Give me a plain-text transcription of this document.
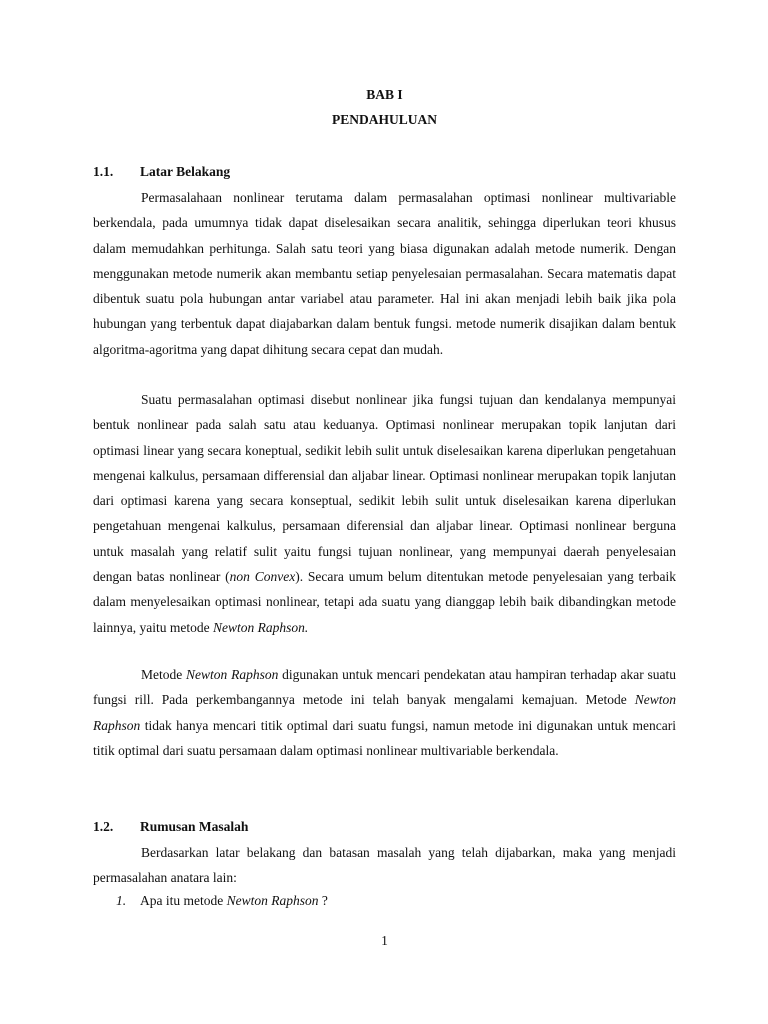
BAB I
PENDAHULUAN
1.1. Latar Belakang

Permasalahaan nonlinear terutama dalam permasalahan optimasi nonlinear multivariable berkendala, pada umumnya tidak dapat diselesaikan secara analitik, sehingga diperlukan teori khusus dalam memudahkan perhitunga. Salah satu teori yang biasa digunakan adalah metode numerik. Dengan menggunakan metode numerik akan membantu setiap penyelesaian permasalahan. Secara matematis dapat dibentuk suatu pola hubungan antar variabel atau parameter. Hal ini akan menjadi lebih baik jika pola hubungan yang terbentuk dapat diajabarkan dalam bentuk fungsi. metode numerik disajikan dalam bentuk algoritma-agoritma yang dapat dihitung secara cepat dan mudah.

Suatu permasalahan optimasi disebut nonlinear jika fungsi tujuan dan kendalanya mempunyai bentuk nonlinear pada salah satu atau keduanya. Optimasi nonlinear merupakan topik lanjutan dari optimasi linear yang secara koneptual, sedikit lebih sulit untuk diselesaikan karena diperlukan pengetahuan mengenai kalkulus, persamaan differensial dan aljabar linear. Optimasi nonlinear merupakan topik lanjutan dari optimasi karena yang secara konseptual, sedikit lebih sulit untuk diselesaikan karena diperlukan pengetahuan mengenai kalkulus, persamaan diferensial dan aljabar linear. Optimasi nonlinear berguna untuk masalah yang relatif sulit yaitu fungsi tujuan nonlinear, yang mempunyai daerah penyelesaian dengan batas nonlinear (non Convex). Secara umum belum ditentukan metode penyelesaian yang terbaik dalam menyelesaikan optimasi nonlinear, tetapi ada suatu yang dianggap lebih baik dibandingkan metode lainnya, yaitu metode Newton Raphson.

Metode Newton Raphson digunakan untuk mencari pendekatan atau hampiran terhadap akar suatu fungsi rill. Pada perkembangannya metode ini telah banyak mengalami kemajuan. Metode Newton Raphson tidak hanya mencari titik optimal dari suatu fungsi, namun metode ini digunakan untuk mencari titik optimal dari suatu persamaan dalam optimasi nonlinear multivariable berkendala.

1.2. Rumusan Masalah

Berdasarkan latar belakang dan batasan masalah yang telah dijabarkan, maka yang menjadi permasalahan anatara lain:

1. Apa itu metode Newton Raphson ?
1
